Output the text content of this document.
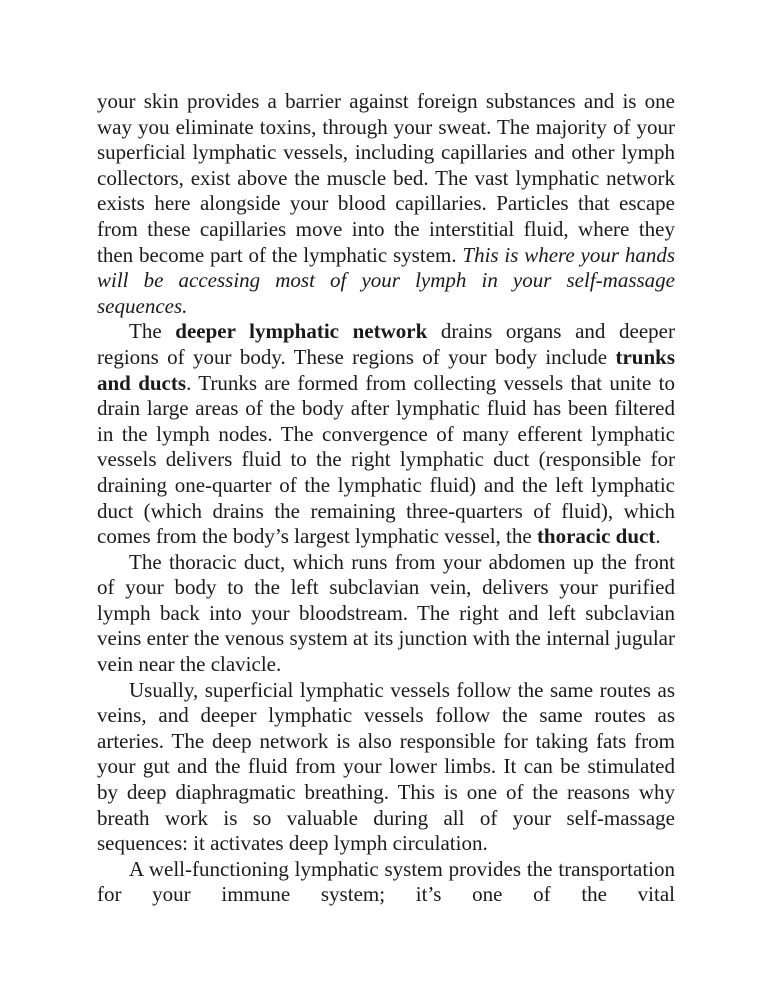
your skin provides a barrier against foreign substances and is one way you eliminate toxins, through your sweat. The majority of your superficial lymphatic vessels, including capillaries and other lymph collectors, exist above the muscle bed. The vast lymphatic network exists here alongside your blood capillaries. Particles that escape from these capillaries move into the interstitial fluid, where they then become part of the lymphatic system. This is where your hands will be accessing most of your lymph in your self-massage sequences.

The deeper lymphatic network drains organs and deeper regions of your body. These regions of your body include trunks and ducts. Trunks are formed from collecting vessels that unite to drain large areas of the body after lymphatic fluid has been filtered in the lymph nodes. The convergence of many efferent lymphatic vessels delivers fluid to the right lymphatic duct (responsible for draining one-quarter of the lymphatic fluid) and the left lymphatic duct (which drains the remaining three-quarters of fluid), which comes from the body’s largest lymphatic vessel, the thoracic duct.

The thoracic duct, which runs from your abdomen up the front of your body to the left subclavian vein, delivers your purified lymph back into your bloodstream. The right and left subclavian veins enter the venous system at its junction with the internal jugular vein near the clavicle.

Usually, superficial lymphatic vessels follow the same routes as veins, and deeper lymphatic vessels follow the same routes as arteries. The deep network is also responsible for taking fats from your gut and the fluid from your lower limbs. It can be stimulated by deep diaphragmatic breathing. This is one of the reasons why breath work is so valuable during all of your self-massage sequences: it activates deep lymph circulation.

A well-functioning lymphatic system provides the transportation for your immune system; it’s one of the vital
